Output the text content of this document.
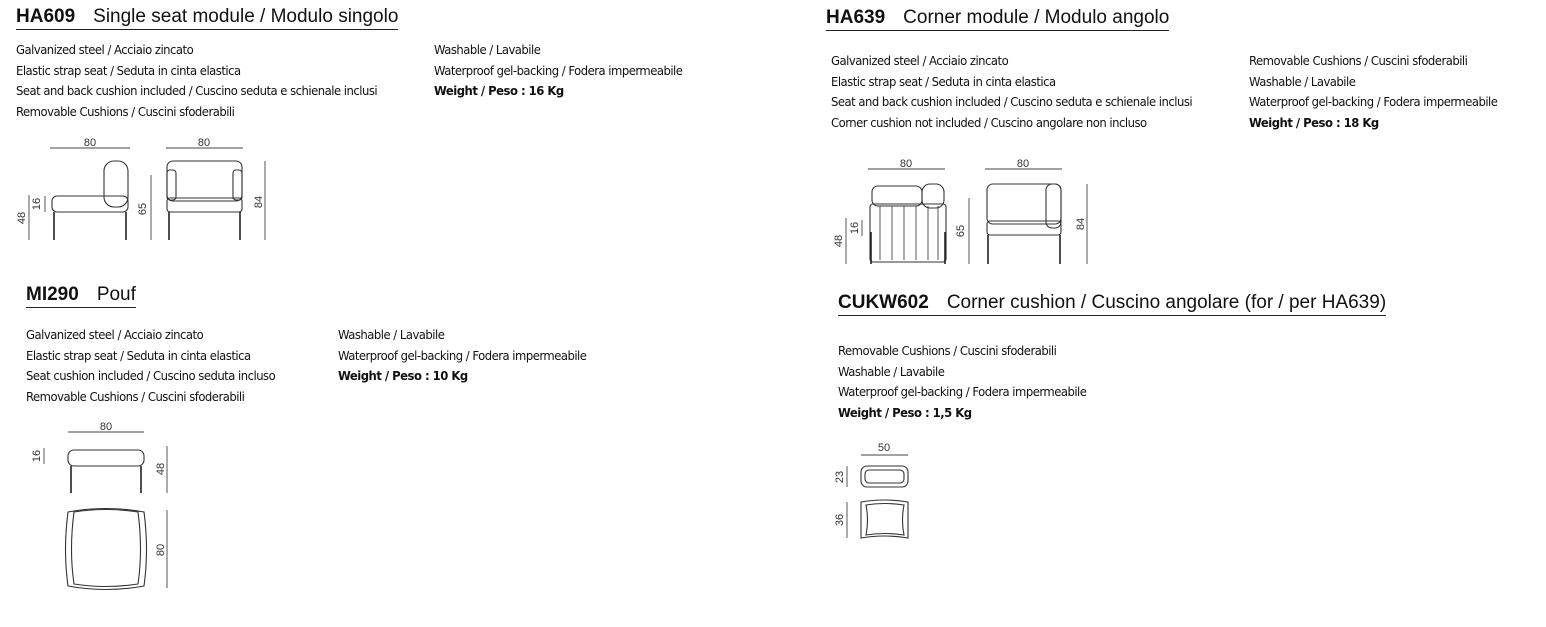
HA609 Single seat module / Modulo singolo
Galvanized steel / Acciaio zincato
Elastic strap seat / Seduta in cinta elastica
Seat and back cushion included / Cuscino seduta e schienale inclusi
Removable Cushions / Cuscini sfoderabili
Washable / Lavabile
Waterproof gel-backing / Fodera impermeabile
Weight / Peso : 16 Kg
80
48
16
80
65
84
80
48
16
80
65
84
80
16
48
80
50
23
36
HA639 Corner module / Modulo angolo
Galvanized steel / Acciaio zincato
Elastic strap seat / Seduta in cinta elastica
Seat and back cushion included / Cuscino seduta e schienale inclusi
Corner cushion not included / Cuscino angolare non incluso
Removable Cushions / Cuscini sfoderabili
Washable / Lavabile
Waterproof gel-backing / Fodera impermeabile
Weight / Peso : 18 Kg
MI290 Pouf
Galvanized steel / Acciaio zincato
Elastic strap seat / Seduta in cinta elastica
Seat cushion included / Cuscino seduta incluso
Removable Cushions / Cuscini sfoderabili
Washable / Lavabile
Waterproof gel-backing / Fodera impermeabile
Weight / Peso : 10 Kg
CUKW602 Corner cushion / Cuscino angolare (for / per HA639)
Removable Cushions / Cuscini sfoderabili
Washable / Lavabile
Waterproof gel-backing / Fodera impermeabile
Weight / Peso : 1,5 Kg
